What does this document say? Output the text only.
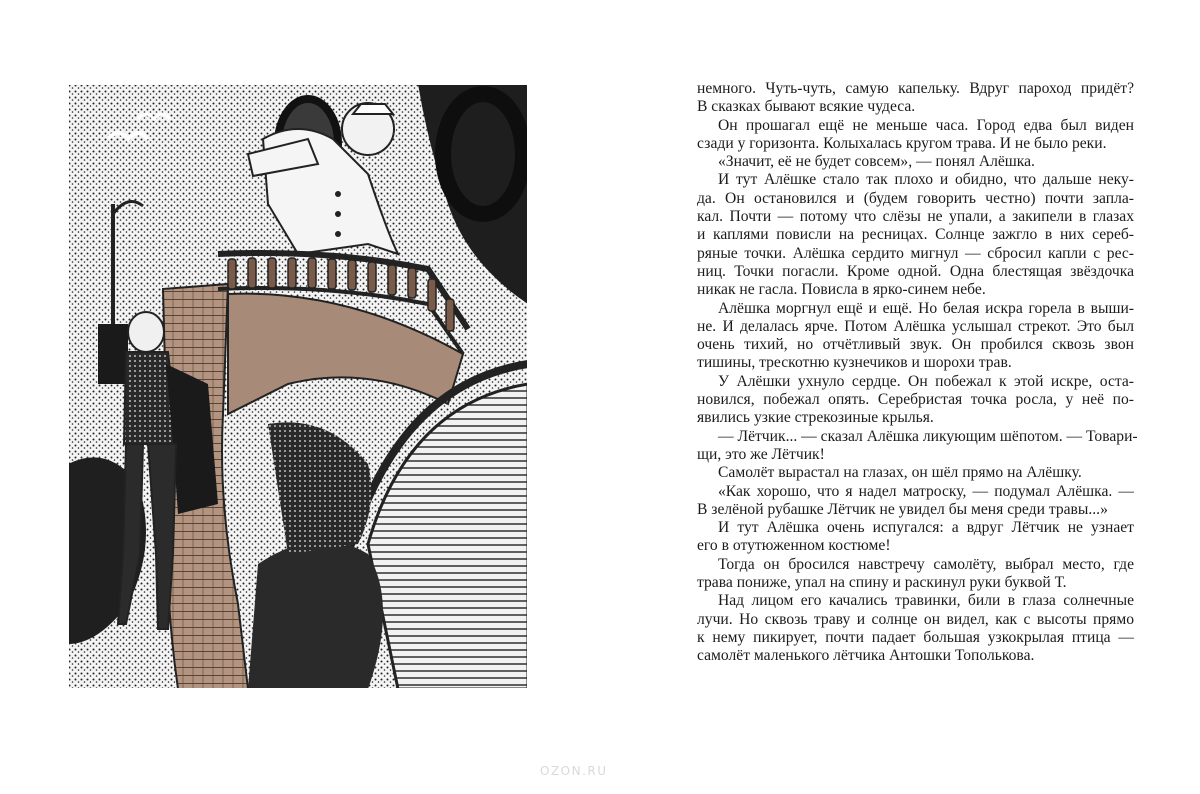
немного. Чуть-чуть, самую капельку. Вдруг пароход придёт?
В сказках бывают всякие чудеса.
Он прошагал ещё не меньше часа. Город едва был виден
сзади у горизонта. Колыхалась кругом трава. И не было реки.
«Значит, её не будет совсем», — понял Алёшка.
И тут Алёшке стало так плохо и обидно, что дальше неку-
да. Он остановился и (будем говорить честно) почти запла-
кал. Почти — потому что слёзы не упали, а закипели в глазах
и каплями повисли на ресницах. Солнце зажгло в них сереб-
ряные точки. Алёшка сердито мигнул — сбросил капли с рес-
ниц. Точки погасли. Кроме одной. Одна блестящая звёздочка
никак не гасла. Повисла в ярко-синем небе.
Алёшка моргнул ещё и ещё. Но белая искра горела в выши-
не. И делалась ярче. Потом Алёшка услышал стрекот. Это был
очень тихий, но отчётливый звук. Он пробился сквозь звон
тишины, трескотню кузнечиков и шорохи трав.
У Алёшки ухнуло сердце. Он побежал к этой искре, оста-
новился, побежал опять. Серебристая точка росла, у неё по-
явились узкие стрекозиные крылья.
— Лётчик... — сказал Алёшка ликующим шёпотом. — Товари-
щи, это же Лётчик!
Самолёт вырастал на глазах, он шёл прямо на Алёшку.
«Как хорошо, что я надел матроску, — подумал Алёшка. —
В зелёной рубашке Лётчик не увидел бы меня среди травы...»
И тут Алёшка очень испугался: а вдруг Лётчик не узнает
его в отутюженном костюме!
Тогда он бросился навстречу самолёту, выбрал место, где
трава пониже, упал на спину и раскинул руки буквой Т.
Над лицом его качались травинки, били в глаза солнечные
лучи. Но сквозь траву и солнце он видел, как с высоты прямо
к нему пикирует, почти падает большая узкокрылая птица —
самолёт маленького лётчика Антошки Тополькова.
OZON.RU
